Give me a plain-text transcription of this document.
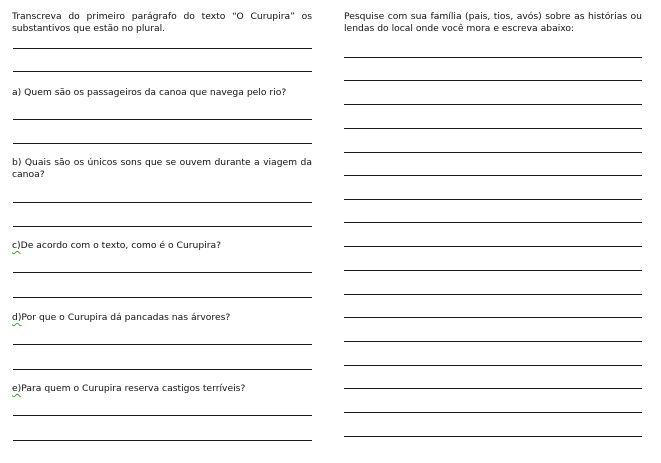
Transcreva do primeiro parágrafo do texto “O Curupira” os substantivos que estão no plural.

a) Quem são os passageiros da canoa que navega pelo rio?

b) Quais são os únicos sons que se ouvem durante a viagem da canoa?

c)De acordo com o texto, como é o Curupira?

d)Por que o Curupira dá pancadas nas árvores?

e)Para quem o Curupira reserva castigos terríveis?

Pesquise com sua família (pais, tios, avós) sobre as histórias ou lendas do local onde você mora e escreva abaixo:
